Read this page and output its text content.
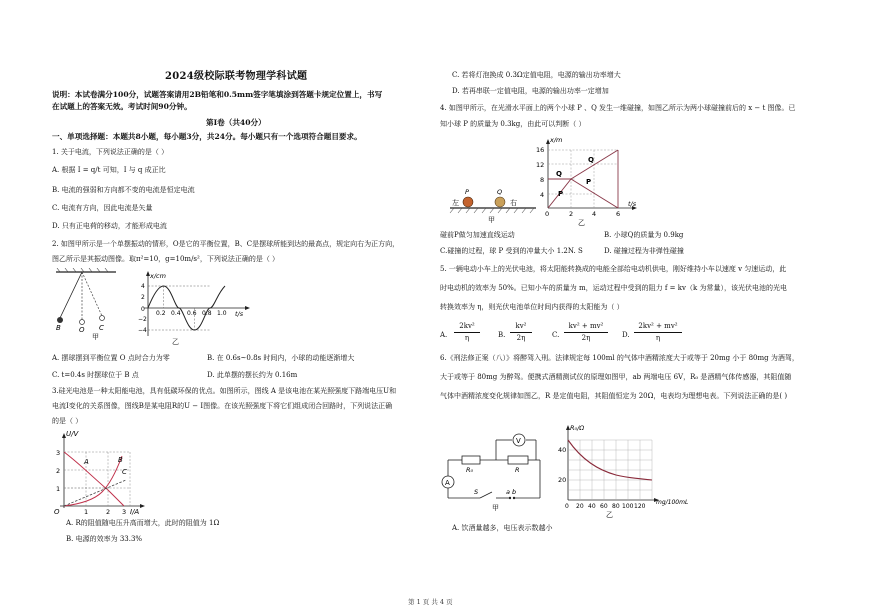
2024级校际联考物理学科试题
说明：本试卷满分100分，试题答案请用2B铅笔和0.5mm签字笔填涂到答题卡规定位置上，书写
在试题上的答案无效。考试时间90分钟。
第Ⅰ卷（共40分）
一、单项选择题：本题共8小题，每小题3分，共24分。每小题只有一个选项符合题目要求。
1. 关于电流，下列说法正确的是（ ）
A. 根据 I = q/t 可知，I 与 q 成正比
B. 电流的强弱和方向都不变的电流是恒定电流
C. 电流有方向，因此电流是矢量
D. 只有正电荷的移动，才能形成电流
2. 如图甲所示是一个单摆振动的情形，O是它的平衡位置，B、C是摆球所能到达的最高点，规定向右为正方向，
图乙所示是其振动图像。取π²=10，g=10m/s²，下列说法正确的是（ ）
B	O C
甲
x/cm
t/s
4
2
0
−2
−4
0.2 0.4 0.6 0.8 1.0
乙
A. 摆球摆到平衡位置 O 点时合力为零	B. 在 0.6s~0.8s 时间内，小球的动能逐渐增大
C. t=0.4s 时摆球位于 B 点	D. 此单摆的摆长约为 0.16m
3.硅光电池是一种太阳能电池，具有低碳环保的优点。如图所示，图线 A 是该电池在某光照强度下路端电压U和
电流I变化的关系图像，图线B是某电阻R的U − I图像。在该光照强度下将它们组成闭合回路时，下列说法正确
的是（ ）
U/V
I/A
3
2
1
1	2 3
O
A	B
C
A. R的阻值随电压升高而增大，此时的阻值为 1Ω
B. 电源的效率为 33.3%
C. 若将灯泡换成 0.3Ω定值电阻，电源的输出功率增大
D. 若再串联一定值电阻，电源的输出功率一定增加
4. 如图甲所示，在光滑水平面上的两个小球 P 、Q 发生一维碰撞，如图乙所示为两小球碰撞前后的 x − t 图像。已
知小球 P 的质量为 0.3kg，由此可以判断（ ）
P	Q
左	右
甲
x/m
t/s
16
12
8
4
0	2	4	6
Q
P
Q
P
乙
碰前P做匀加速直线运动	B. 小球Q的质量为 0.9kg
C.碰撞的过程，球 P 受到的冲量大小 1.2N. S	D. 碰撞过程为非弹性碰撞
5. 一辆电动小车上的光伏电池，将太阳能转换成的电能全部给电动机供电，刚好维持小车以速度 v 匀速运动，此
时电动机的效率为 50%。已知小车的质量为 m，运动过程中受到的阻力 f = kv（k 为常量），该光伏电池的光电
转换效率为 η，则光伏电池单位时间内获得的太阳能为（ ）
A.
2kv²
η	B.
kv²
2η	C.
kv² + mv²
2η	D.
2kv² + mv²
η
6.《刑法修正案（八）》将醉驾入刑。法律规定每 100ml 的气体中酒精浓度大于或等于 20mg 小于 80mg 为酒驾，
大于或等于 80mg 为醉驾。便携式酒精测试仪的原理如图甲，ab 两端电压 6V，R₀ 是酒精气体传感器，其阻值随
气体中酒精浓度变化规律如图乙，R 是定值电阻，其阻值恒定为 20Ω，电表均为理想电表。下列说法正确的是( )
V
R₀	R
A
S	a b
甲
R₀/Ω
40
20
0 20 40 60 80 100 120
mg/100mL
乙
A. 饮酒量越多，电压表示数越小
第 1 页 共 4 页
